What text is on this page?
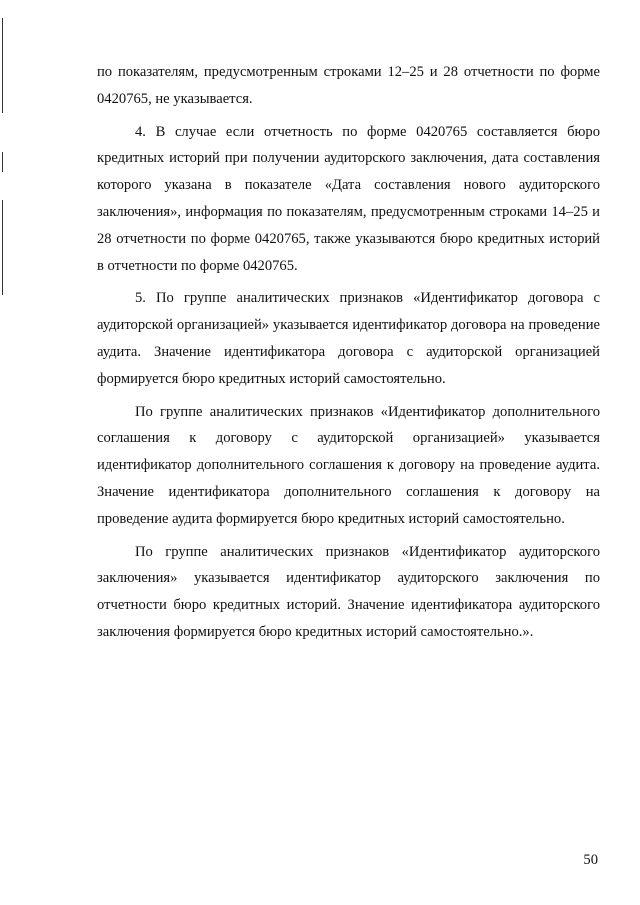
по показателям, предусмотренным строками 12–25 и 28 отчетности по форме 0420765, не указывается.

4. В случае если отчетность по форме 0420765 составляется бюро кредитных историй при получении аудиторского заключения, дата составления которого указана в показателе «Дата составления нового аудиторского заключения», информация по показателям, предусмотренным строками 14–25 и 28 отчетности по форме 0420765, также указываются бюро кредитных историй в отчетности по форме 0420765.

5. По группе аналитических признаков «Идентификатор договора с аудиторской организацией» указывается идентификатор договора на проведение аудита. Значение идентификатора договора с аудиторской организацией формируется бюро кредитных историй самостоятельно.

По группе аналитических признаков «Идентификатор дополнительного соглашения к договору с аудиторской организацией» указывается идентификатор дополнительного соглашения к договору на проведение аудита. Значение идентификатора дополнительного соглашения к договору на проведение аудита формируется бюро кредитных историй самостоятельно.

По группе аналитических признаков «Идентификатор аудиторского заключения» указывается идентификатор аудиторского заключения по отчетности бюро кредитных историй. Значение идентификатора аудиторского заключения формируется бюро кредитных историй самостоятельно.».

50
